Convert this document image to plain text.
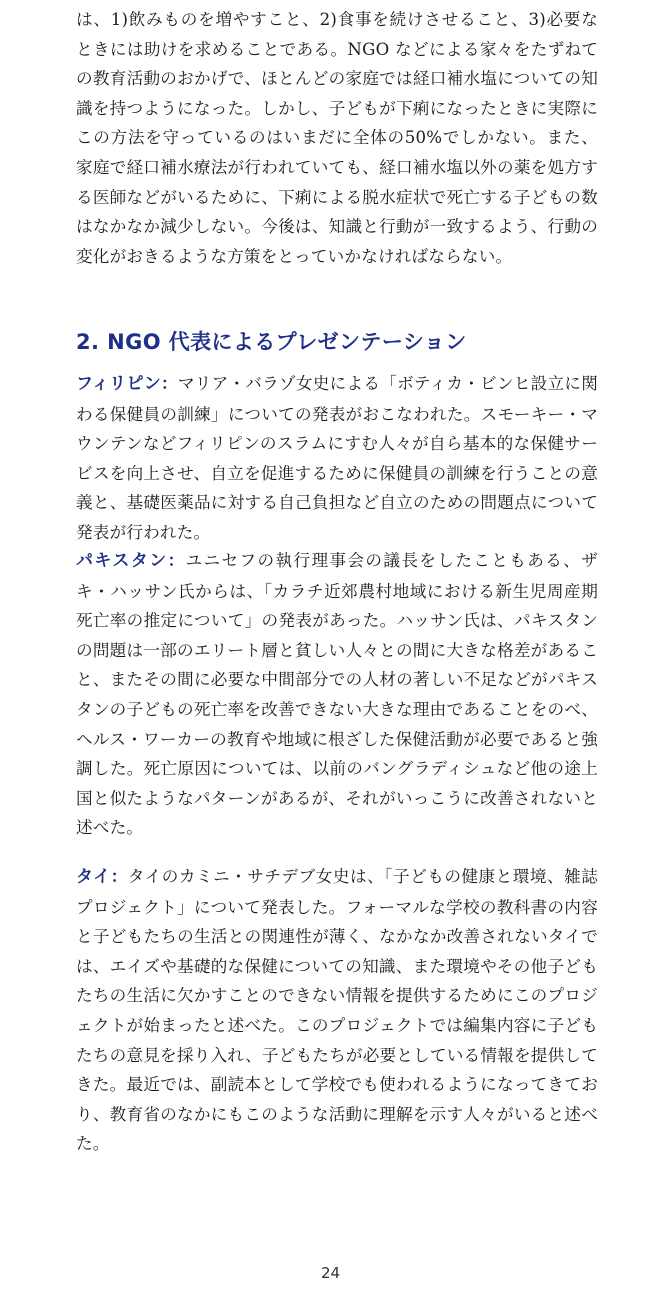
は、1)飲みものを増やすこと、2)食事を続けさせること、3)必要なときには助けを求めることである。NGO などによる家々をたずねての教育活動のおかげで、ほとんどの家庭では経口補水塩についての知識を持つようになった。しかし、子どもが下痢になったときに実際にこの方法を守っているのはいまだに全体の50%でしかない。また、家庭で経口補水療法が行われていても、経口補水塩以外の薬を処方する医師などがいるために、下痢による脱水症状で死亡する子どもの数はなかなか減少しない。今後は、知識と行動が一致するよう、行動の変化がおきるような方策をとっていかなければならない。

2. NGO 代表によるプレゼンテーション

フィリピン：マリア・バラゾ女史による「ボティカ・ビンヒ設立に関わる保健員の訓練」についての発表がおこなわれた。スモーキー・マウンテンなどフィリピンのスラムにすむ人々が自ら基本的な保健サービスを向上させ、自立を促進するために保健員の訓練を行うことの意義と、基礎医薬品に対する自己負担など自立のための問題点について発表が行われた。

パキスタン：ユニセフの執行理事会の議長をしたこともある、ザキ・ハッサン氏からは、「カラチ近郊農村地域における新生児周産期死亡率の推定について」の発表があった。ハッサン氏は、パキスタンの問題は一部のエリート層と貧しい人々との間に大きな格差があること、またその間に必要な中間部分での人材の著しい不足などがパキスタンの子どもの死亡率を改善できない大きな理由であることをのべ、ヘルス・ワーカーの教育や地域に根ざした保健活動が必要であると強調した。死亡原因については、以前のバングラディシュなど他の途上国と似たようなパターンがあるが、それがいっこうに改善されないと述べた。

タイ：タイのカミニ・サチデブ女史は、「子どもの健康と環境、雑誌プロジェクト」について発表した。フォーマルな学校の教科書の内容と子どもたちの生活との関連性が薄く、なかなか改善されないタイでは、エイズや基礎的な保健についての知識、また環境やその他子どもたちの生活に欠かすことのできない情報を提供するためにこのプロジェクトが始まったと述べた。このプロジェクトでは編集内容に子どもたちの意見を採り入れ、子どもたちが必要としている情報を提供してきた。最近では、副読本として学校でも使われるようになってきており、教育省のなかにもこのような活動に理解を示す人々がいると述べた。

24
